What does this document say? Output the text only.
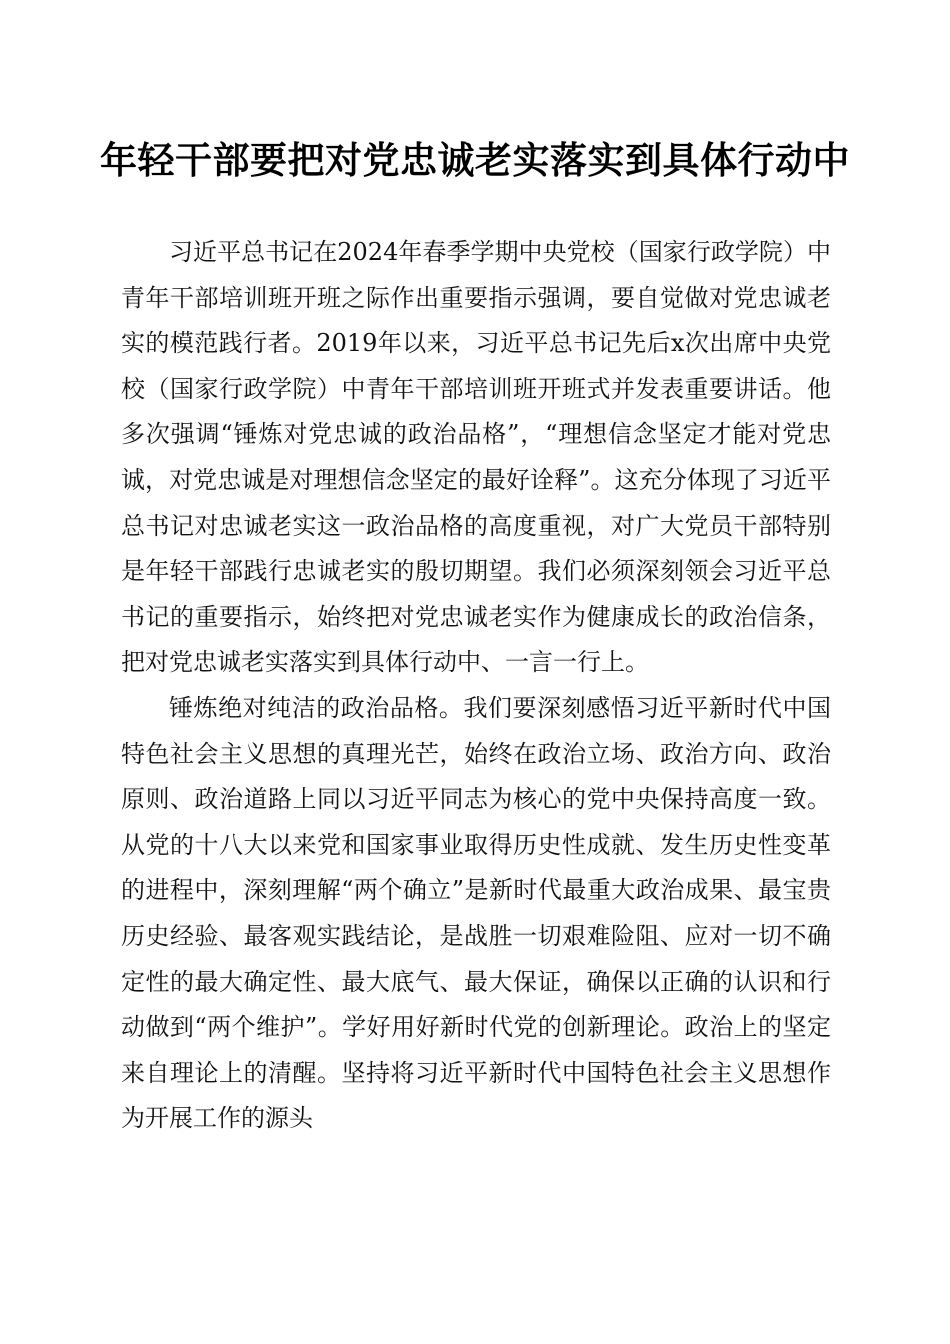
年轻干部要把对党忠诚老实落实到具体行动中

习近平总书记在2024年春季学期中央党校（国家行政学院）中青年干部培训班开班之际作出重要指示强调，要自觉做对党忠诚老实的模范践行者。2019年以来，习近平总书记先后x次出席中央党校（国家行政学院）中青年干部培训班开班式并发表重要讲话。他多次强调“锤炼对党忠诚的政治品格”，“理想信念坚定才能对党忠诚，对党忠诚是对理想信念坚定的最好诠释”。这充分体现了习近平总书记对忠诚老实这一政治品格的高度重视，对广大党员干部特别是年轻干部践行忠诚老实的殷切期望。我们必须深刻领会习近平总书记的重要指示，始终把对党忠诚老实作为健康成长的政治信条，把对党忠诚老实落实到具体行动中、一言一行上。

锤炼绝对纯洁的政治品格。我们要深刻感悟习近平新时代中国特色社会主义思想的真理光芒，始终在政治立场、政治方向、政治原则、政治道路上同以习近平同志为核心的党中央保持高度一致。从党的十八大以来党和国家事业取得历史性成就、发生历史性变革的进程中，深刻理解“两个确立”是新时代最重大政治成果、最宝贵历史经验、最客观实践结论，是战胜一切艰难险阻、应对一切不确定性的最大确定性、最大底气、最大保证，确保以正确的认识和行动做到“两个维护”。学好用好新时代党的创新理论。政治上的坚定来自理论上的清醒。坚持将习近平新时代中国特色社会主义思想作为开展工作的源头
